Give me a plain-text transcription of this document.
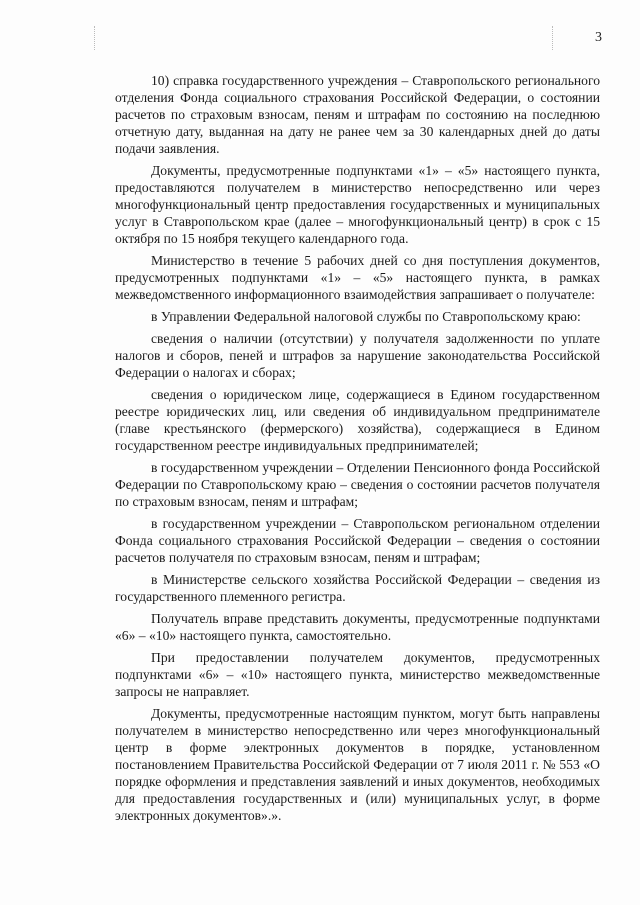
3

10) справка государственного учреждения – Ставропольского регионального отделения Фонда социального страхования Российской Федерации, о состоянии расчетов по страховым взносам, пеням и штрафам по состоянию на последнюю отчетную дату, выданная на дату не ранее чем за 30 календарных дней до даты подачи заявления.

Документы, предусмотренные подпунктами «1» – «5» настоящего пункта, предоставляются получателем в министерство непосредственно или через многофункциональный центр предоставления государственных и муниципальных услуг в Ставропольском крае (далее – многофункциональный центр) в срок с 15 октября по 15 ноября текущего календарного года.

Министерство в течение 5 рабочих дней со дня поступления документов, предусмотренных подпунктами «1» – «5» настоящего пункта, в рамках межведомственного информационного взаимодействия запрашивает о получателе:

в Управлении Федеральной налоговой службы по Ставропольскому краю:

сведения о наличии (отсутствии) у получателя задолженности по уплате налогов и сборов, пеней и штрафов за нарушение законодательства Российской Федерации о налогах и сборах;

сведения о юридическом лице, содержащиеся в Едином государственном реестре юридических лиц, или сведения об индивидуальном предпринимателе (главе крестьянского (фермерского) хозяйства), содержащиеся в Едином государственном реестре индивидуальных предпринимателей;

в государственном учреждении – Отделении Пенсионного фонда Российской Федерации по Ставропольскому краю – сведения о состоянии расчетов получателя по страховым взносам, пеням и штрафам;

в государственном учреждении – Ставропольском региональном отделении Фонда социального страхования Российской Федерации – сведения о состоянии расчетов получателя по страховым взносам, пеням и штрафам;

в Министерстве сельского хозяйства Российской Федерации – сведения из государственного племенного регистра.

Получатель вправе представить документы, предусмотренные подпунктами «6» – «10» настоящего пункта, самостоятельно.

При предоставлении получателем документов, предусмотренных подпунктами «6» – «10» настоящего пункта, министерство межведомственные запросы не направляет.

Документы, предусмотренные настоящим пунктом, могут быть направлены получателем в министерство непосредственно или через многофункциональный центр в форме электронных документов в порядке, установленном постановлением Правительства Российской Федерации от 7 июля 2011 г. № 553 «О порядке оформления и представления заявлений и иных документов, необходимых для предоставления государственных и (или) муниципальных услуг, в форме электронных документов».».
